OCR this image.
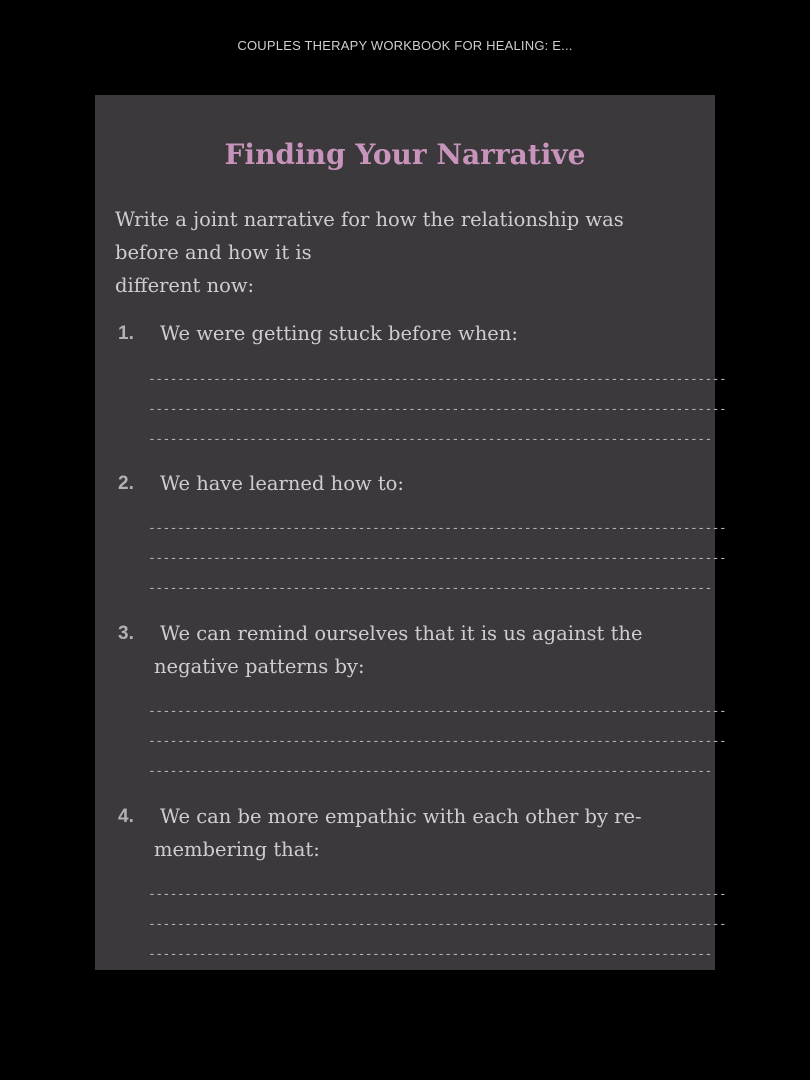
COUPLES THERAPY WORKBOOK FOR HEALING: E...
Finding Your Narrative

Write a joint narrative for how the relationship was
before and how it is
different now:

1. We were getting stuck before when:
--------------------------------------------------------------------------------
--------------------------------------------------------------------------------
------------------------------------------------------------------------------
2. We have learned how to:
--------------------------------------------------------------------------------
--------------------------------------------------------------------------------
------------------------------------------------------------------------------
3. We can remind ourselves that it is us against the
negative patterns by:
--------------------------------------------------------------------------------
--------------------------------------------------------------------------------
------------------------------------------------------------------------------
4. We can be more empathic with each other by re-
membering that:
--------------------------------------------------------------------------------
--------------------------------------------------------------------------------
------------------------------------------------------------------------------
